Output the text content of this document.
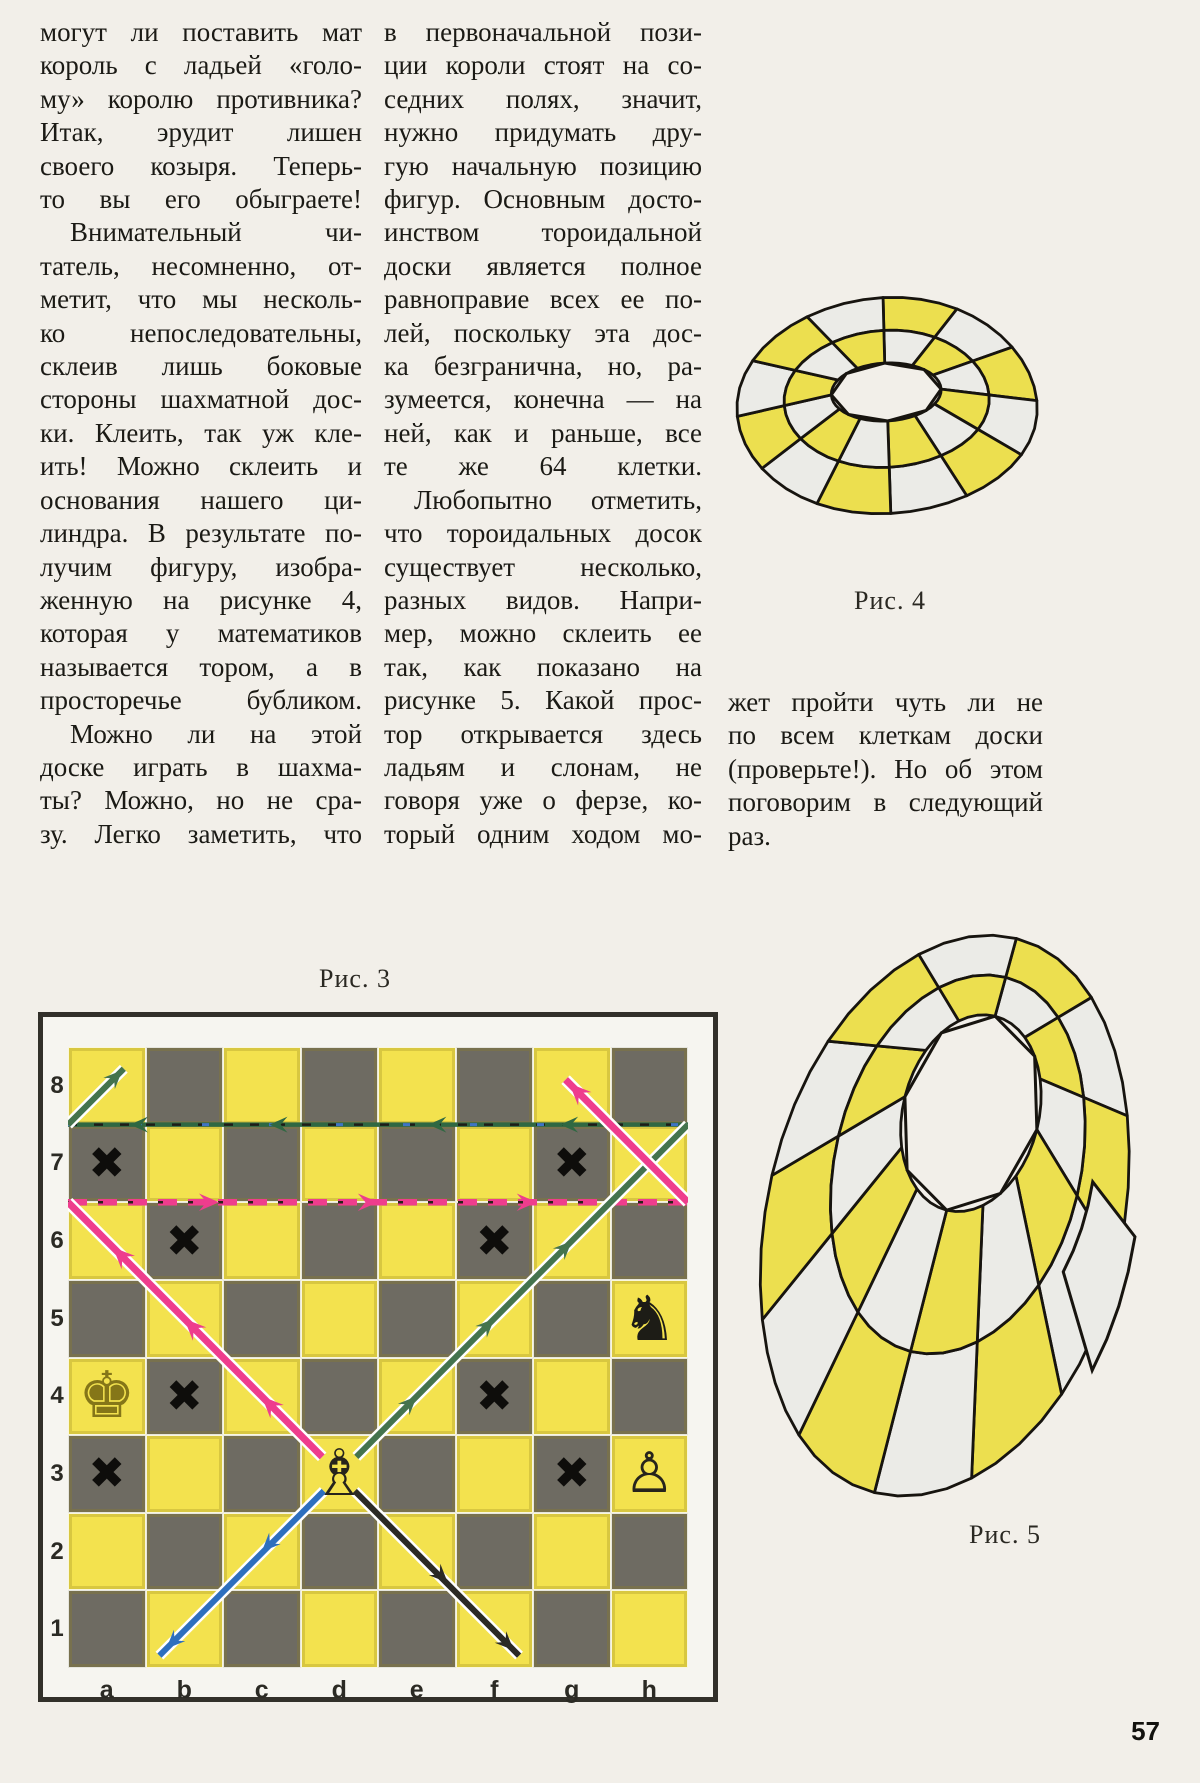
могут ли поставить мат
король с ладьей «голо-
му» королю противника?
Итак, эрудит лишен
своего козыря. Теперь-
то вы его обыграете!
Внимательный чи-
татель, несомненно, от-
метит, что мы несколь-
ко непоследовательны,
склеив лишь боковые
стороны шахматной дос-
ки. Клеить, так уж кле-
ить! Можно склеить и
основания нашего ци-
линдра. В результате по-
лучим фигуру, изобра-
женную на рисунке 4,
которая у математиков
называется тором, а в
просторечье бубликом.
Можно ли на этой
доске играть в шахма-
ты? Можно, но не сра-
зу. Легко заметить, что
в первоначальной пози-
ции короли стоят на со-
седних полях, значит,
нужно придумать дру-
гую начальную позицию
фигур. Основным досто-
инством тороидальной
доски является полное
равноправие всех ее по-
лей, поскольку эта дос-
ка безгранична, но, ра-
зумеется, конечна — на
ней, как и раньше, все
те же 64 клетки.
Любопытно отметить,
что тороидальных досок
существует несколько,
разных видов. Напри-
мер, можно склеить ее
так, как показано на
рисунке 5. Какой прос-
тор открывается здесь
ладьям и слонам, не
говоря уже о ферзе, ко-
торый одним ходом мо-
жет пройти чуть ли не
по всем клеткам доски
(проверьте!). Но об этом
поговорим в следующий
раз.
Рис. 4
Рис. 3
✖	✖
✖	✖
✖	✖
✖	✖
♚
♞
♗	♙
8
7
6
5
4
3
2
1
a	b	c	d	e	f	g	h
Рис. 5
57
